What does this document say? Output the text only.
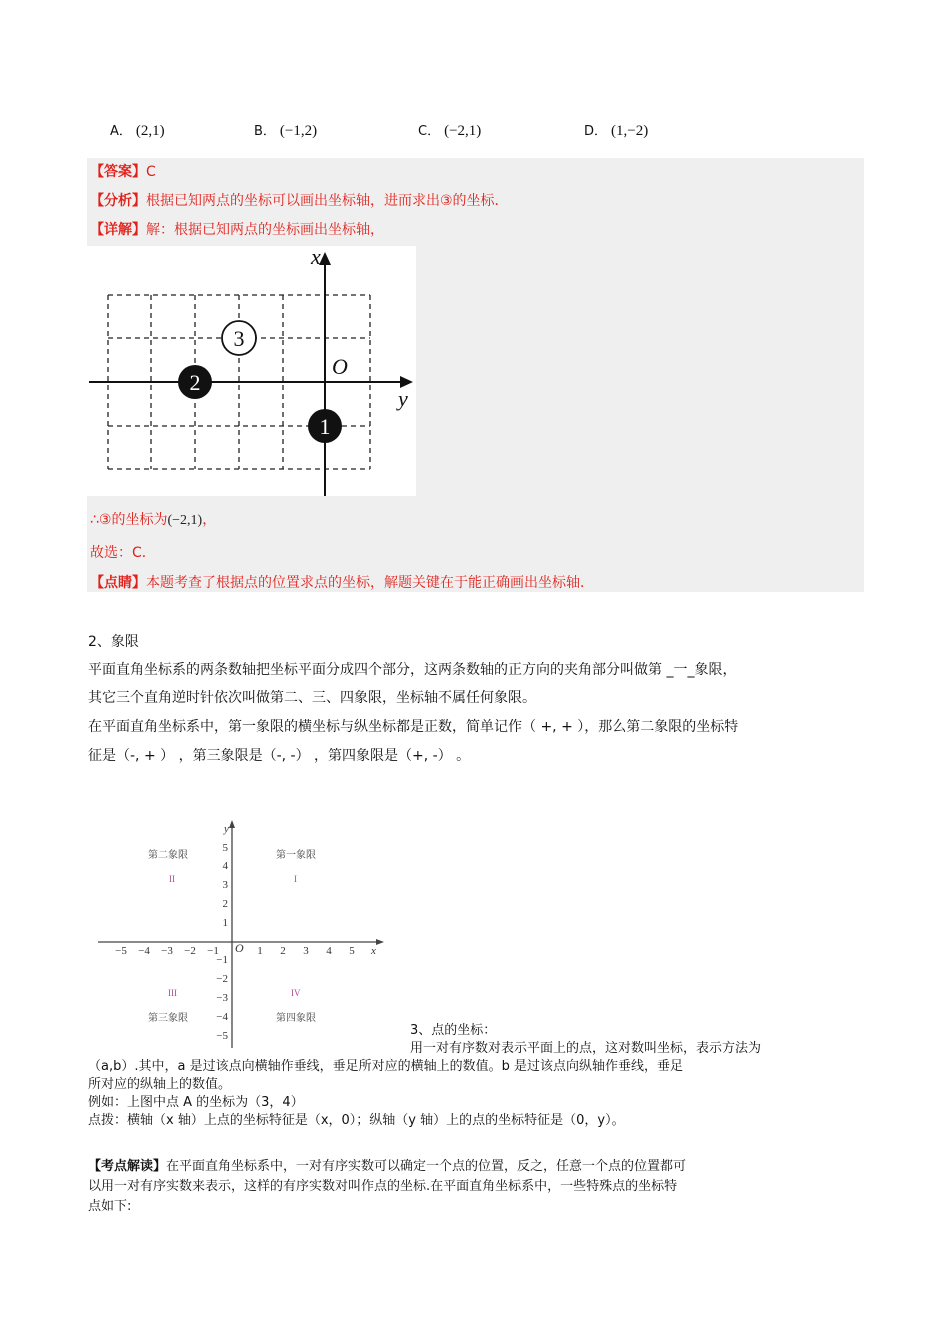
A． (2,1)	B． (−1,2)	C． (−2,1)	D． (1,−2)
【答案】C
【分析】根据已知两点的坐标可以画出坐标轴，进而求出③的坐标．
【详解】解：根据已知两点的坐标画出坐标轴，
x
y
O
3
2
1
∴③的坐标为(−2,1)，
故选：C．
【点睛】本题考查了根据点的位置求点的坐标，解题关键在于能正确画出坐标轴．
2、象限
平面直角坐标系的两条数轴把坐标平面分成四个部分，这两条数轴的正方向的夹角部分叫做第 _一_象限，
其它三个直角逆时针依次叫做第二、三、四象限，坐标轴不属任何象限。
在平面直角坐标系中，第一象限的横坐标与纵坐标都是正数，简单记作（ +, + ），那么第二象限的坐标特
征是（-, + ） ，第三象限是（-, -） ，第四象限是（+, -） 。
−5 −4 −3 −2 −1	1 2 3 4 5
5
4
3
2
1
−1
−2
−3
−4
−5
O	x
y
第二象限	第一象限
第三象限	第四象限
II	I
III	IV
3、点的坐标：
用一对有序数对表示平面上的点，这对数叫坐标，表示方法为
（a,b）.其中，a 是过该点向横轴作垂线，垂足所对应的横轴上的数值。b 是过该点向纵轴作垂线，垂足
所对应的纵轴上的数值。
例如：上图中点 A 的坐标为（3，4）
点拨：横轴（x 轴）上点的坐标特征是（x，0）；纵轴（y 轴）上的点的坐标特征是（0，y）。
【考点解读】在平面直角坐标系中，一对有序实数可以确定一个点的位置，反之，任意一个点的位置都可
以用一对有序实数来表示，这样的有序实数对叫作点的坐标.在平面直角坐标系中，一些特殊点的坐标特
点如下:
